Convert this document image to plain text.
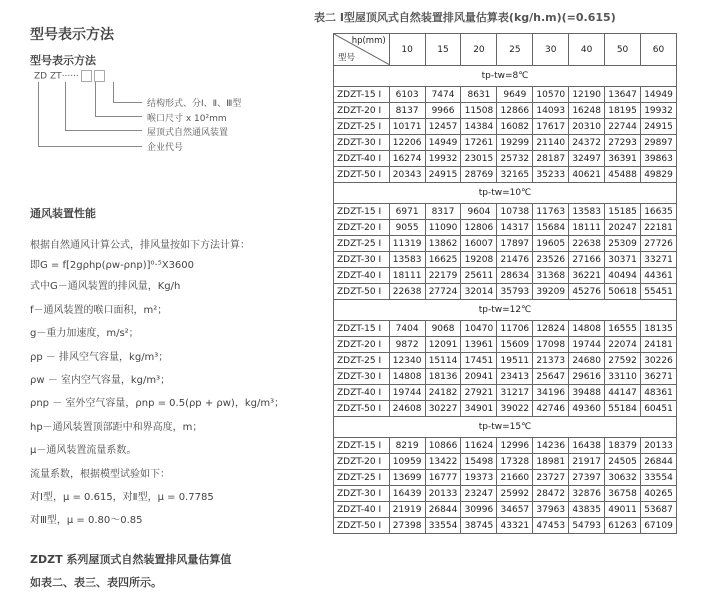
型号表示方法
型号表示方法
ZD ZT······
结构形式、分Ⅰ、Ⅱ、Ⅲ型
喉口尺寸 x 10²mm
屋顶式自然通风装置
企业代号
通风装置性能
根据自然通风计算公式，排风量按如下方法计算：
即G = f[2gρhp(ρw-ρnp)]⁰·⁵X3600
式中G－通风装置的排风量，Kg/h
f－通风装置的喉口面积，m²；
g－重力加速度，m/s²；
ρp － 排风空气容量，kg/m³；
ρw － 室内空气容量，kg/m³；
ρnp － 室外空气容量，ρnp = 0.5(ρp + ρw)，kg/m³；
hp－通风装置顶部距中和界高度，m；
μ－通风装置流量系数。
流量系数，根据模型试验如下：
对Ⅰ型，μ = 0.615，对Ⅱ型，μ = 0.7785
对Ⅲ型，μ = 0.80～0.85
ZDZT 系列屋顶式自然装置排风量估算值
如表二、表三、表四所示。
表二 Ⅰ型屋顶风式自然装置排风量估算表(kg/h.m)(=0.615)
hp(mm)
型号	10	15	20	25	30	40	50	60
tp-tw=8℃								
ZDZT-15 Ⅰ	6103	7474	8631	9649	10570	12190	13647	14949
ZDZT-20 Ⅰ	8137	9966	11508	12866	14093	16248	18195	19932
ZDZT-25 Ⅰ	10171	12457	14384	16082	17617	20310	22744	24915
ZDZT-30 Ⅰ	12206	14949	17261	19299	21140	24372	27293	29897
ZDZT-40 Ⅰ	16274	19932	23015	25732	28187	32497	36391	39863
ZDZT-50 Ⅰ	20343	24915	28769	32165	35233	40621	45488	49829
tp-tw=10℃								
ZDZT-15 Ⅰ	6971	8317	9604	10738	11763	13583	15185	16635
ZDZT-20 Ⅰ	9055	11090	12806	14317	15684	18111	20247	22181
ZDZT-25 Ⅰ	11319	13862	16007	17897	19605	22638	25309	27726
ZDZT-30 Ⅰ	13583	16625	19208	21476	23526	27166	30371	33271
ZDZT-40 Ⅰ	18111	22179	25611	28634	31368	36221	40494	44361
ZDZT-50 Ⅰ	22638	27724	32014	35793	39209	45276	50618	55451
tp-tw=12℃								
ZDZT-15 Ⅰ	7404	9068	10470	11706	12824	14808	16555	18135
ZDZT-20 Ⅰ	9872	12091	13961	15609	17098	19744	22074	24181
ZDZT-25 Ⅰ	12340	15114	17451	19511	21373	24680	27592	30226
ZDZT-30 Ⅰ	14808	18136	20941	23413	25647	29616	33110	36271
ZDZT-40 Ⅰ	19744	24182	27921	31217	34196	39488	44147	48361
ZDZT-50 Ⅰ	24608	30227	34901	39022	42746	49360	55184	60451
tp-tw=15℃								
ZDZT-15 Ⅰ	8219	10866	11624	12996	14236	16438	18379	20133
ZDZT-20 Ⅰ	10959	13422	15498	17328	18981	21917	24505	26844
ZDZT-25 Ⅰ	13699	16777	19373	21660	23727	27397	30632	33554
ZDZT-30 Ⅰ	16439	20133	23247	25992	28472	32876	36758	40265
ZDZT-40 Ⅰ	21919	26844	30996	34657	37963	43835	49011	53687
ZDZT-50 Ⅰ	27398	33554	38745	43321	47453	54793	61263	67109
